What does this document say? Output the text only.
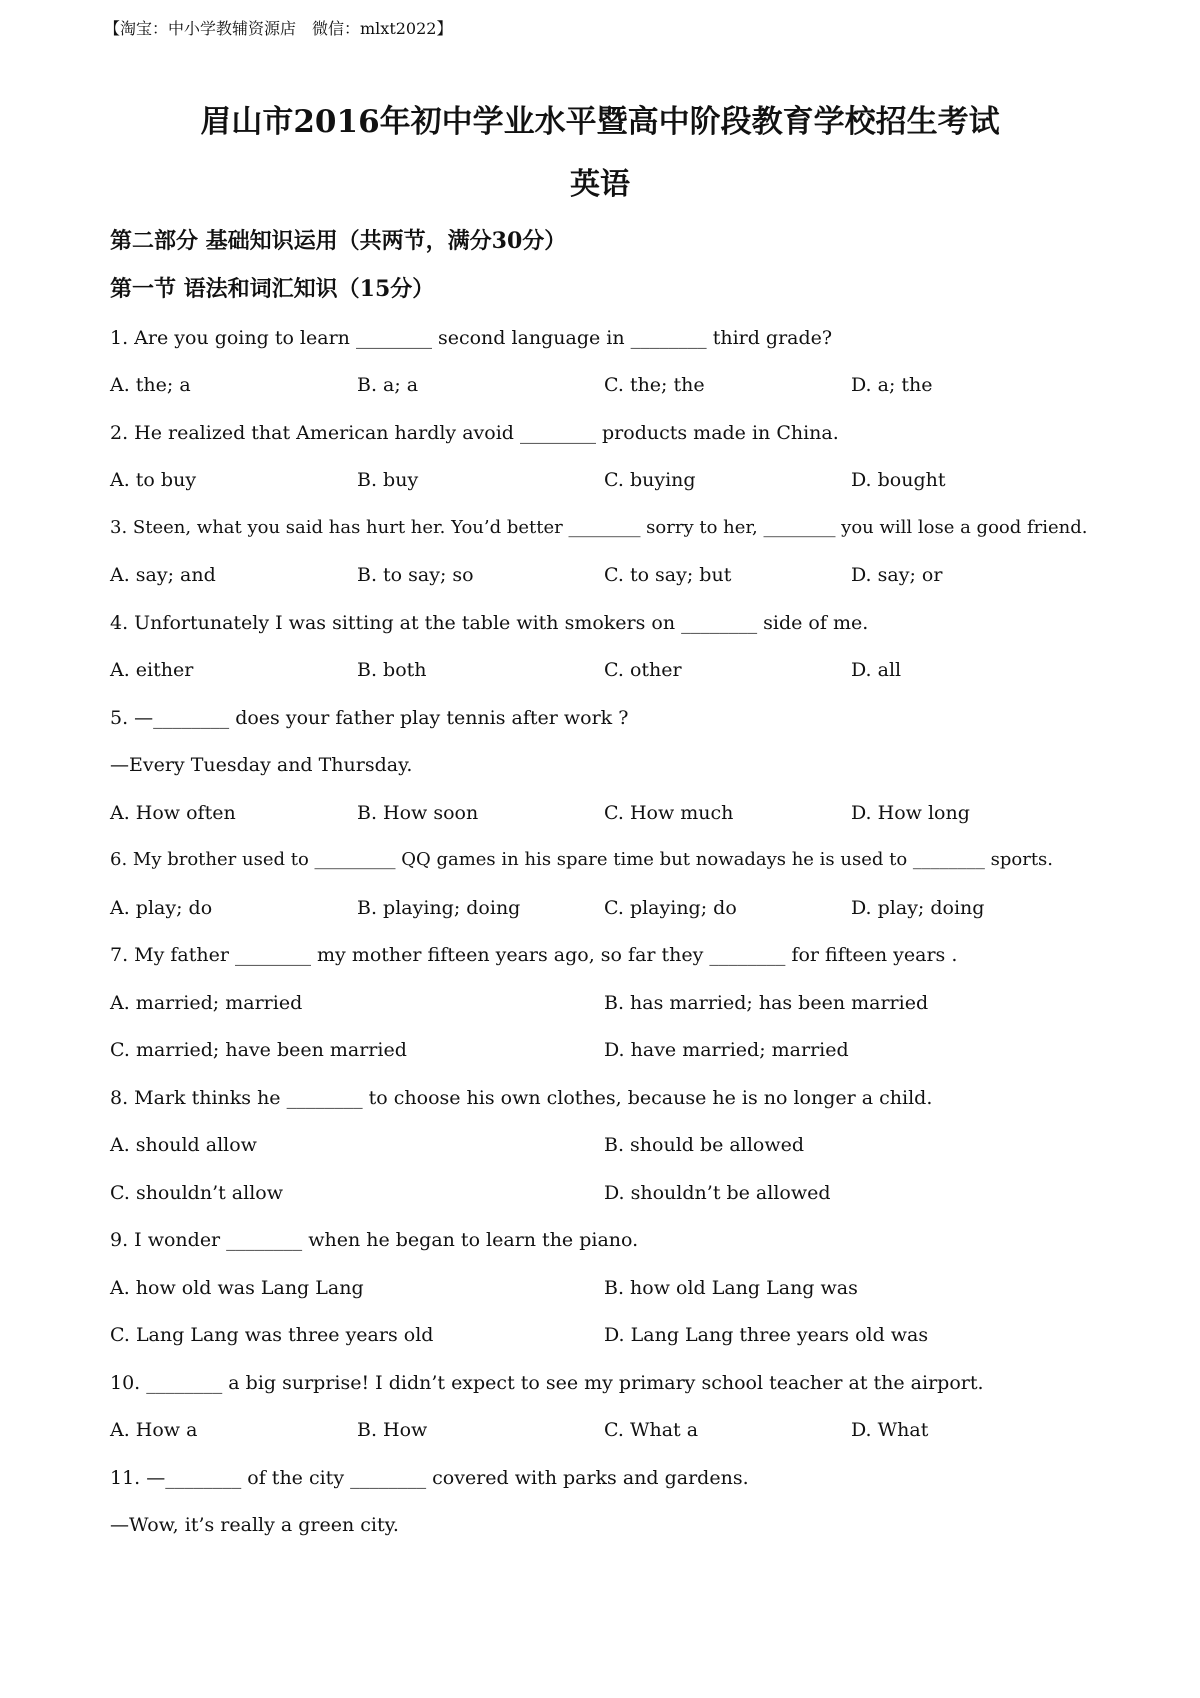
【淘宝：中小学教辅资源店　微信：mlxt2022】
眉山市2016年初中学业水平暨高中阶段教育学校招生考试
英语
第二部分 基础知识运用（共两节，满分30分）
第一节 语法和词汇知识（15分）
1. Are you going to learn ________ second language in ________ third grade?
A. the; a	B. a; a	C. the; the	D. a; the
2. He realized that American hardly avoid ________ products made in China.
A. to buy	B. buy	C. buying	D. bought
3. Steen, what you said has hurt her. You’d better ________ sorry to her, ________ you will lose a good friend.
A. say; and	B. to say; so	C. to say; but	D. say; or
4. Unfortunately I was sitting at the table with smokers on ________ side of me.
A. either	B. both	C. other	D. all
5. —________ does your father play tennis after work ?
—Every Tuesday and Thursday.
A. How often	B. How soon	C. How much	D. How long
6. My brother used to _________ QQ games in his spare time but nowadays he is used to ________ sports.
A. play; do	B. playing; doing	C. playing; do	D. play; doing
7. My father ________ my mother fifteen years ago, so far they ________ for fifteen years .
A. married; married	B. has married; has been married
C. married; have been married	D. have married; married
8. Mark thinks he ________ to choose his own clothes, because he is no longer a child.
A. should allow	B. should be allowed
C. shouldn’t allow	D. shouldn’t be allowed
9. I wonder ________ when he began to learn the piano.
A. how old was Lang Lang	B. how old Lang Lang was
C. Lang Lang was three years old	D. Lang Lang three years old was
10. ________ a big surprise! I didn’t expect to see my primary school teacher at the airport.
A. How a	B. How	C. What a	D. What
11. —________ of the city ________ covered with parks and gardens.
—Wow, it’s really a green city.
